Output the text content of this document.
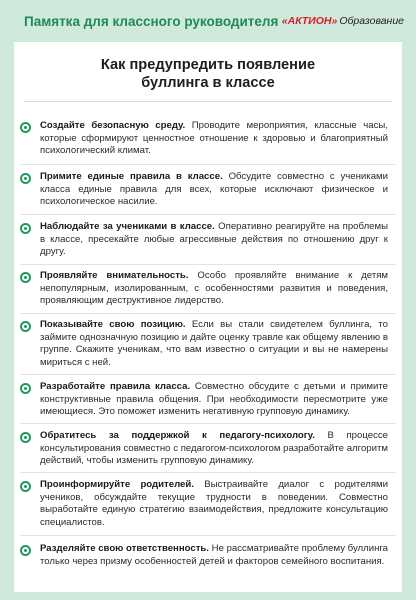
Памятка для классного руководителя «АКТИОН» Образование
Как предупредить появление
буллинга в классе
Создайте безопасную среду. Проводите мероприятия, классные часы, которые сформируют ценностное отношение к здоровью и благоприятный психологический климат.
Примите единые правила в классе. Обсудите совместно с учениками класса единые правила для всех, которые исключают физическое и психологическое насилие.
Наблюдайте за учениками в классе. Оперативно реагируйте на проблемы в классе, пресекайте любые агрессивные действия по отношению друг к другу.
Проявляйте внимательность. Особо проявляйте внимание к детям непопулярным, изолированным, с особенностями развития и поведения, проявляющим деструктивное лидерство.
Показывайте свою позицию. Если вы стали свидетелем буллинга, то займите однозначную позицию и дайте оценку травле как общему явлению в группе. Скажите ученикам, что вам известно о ситуации и вы не намерены мириться с ней.
Разработайте правила класса. Совместно обсудите с детьми и примите конструктивные правила общения. При необходимости пересмотрите уже имеющиеся. Это поможет изменить негативную групповую динамику.
Обратитесь за поддержкой к педагогу-психологу. В процессе консультирования совместно с педагогом-психологом разработайте алгоритм действий, чтобы изменить групповую динамику.
Проинформируйте родителей. Выстраивайте диалог с родителями учеников, обсуждайте текущие трудности в поведении. Совместно выработайте единую стратегию взаимодействия, предложите консультацию специалистов.
Разделяйте свою ответственность. Не рассматривайте проблему буллинга только через призму особенностей детей и факторов семейного воспитания.
